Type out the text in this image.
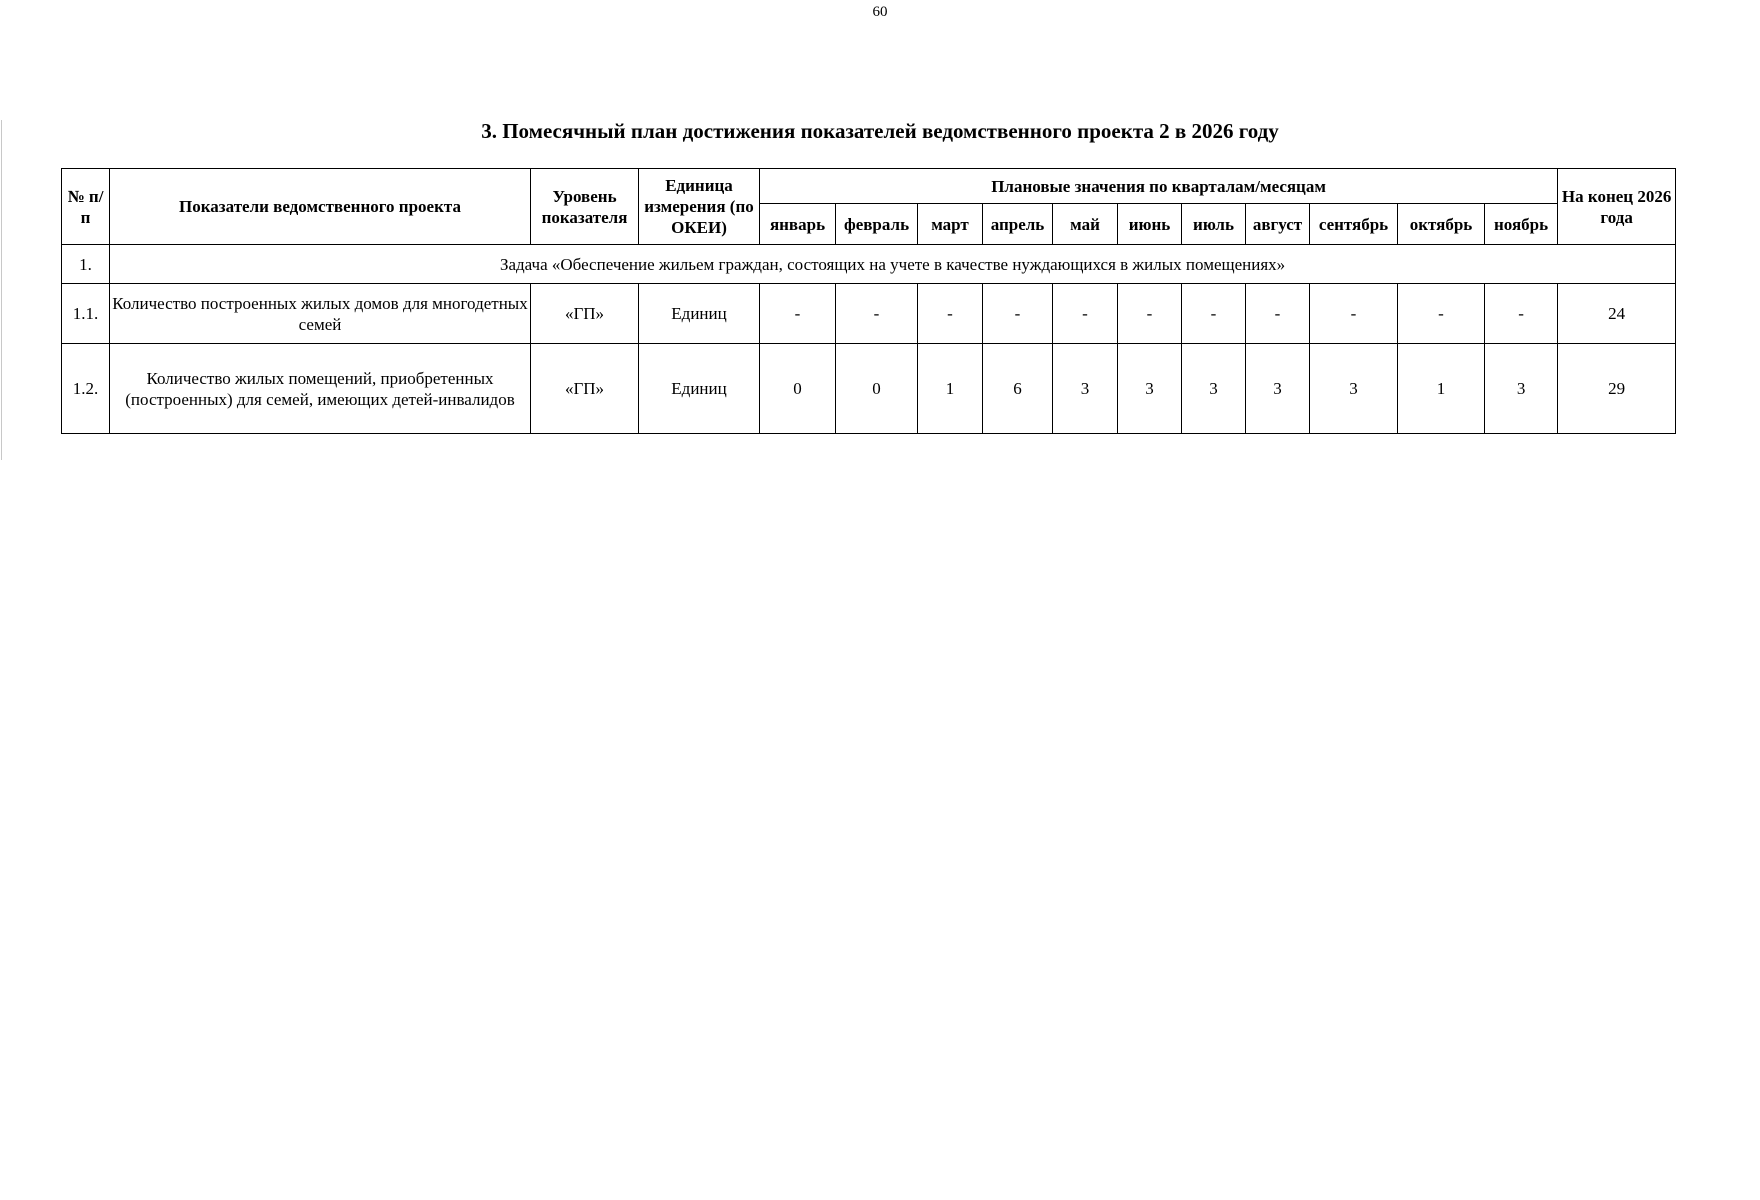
60
3. Помесячный план достижения показателей ведомственного проекта 2 в 2026 году
№ п/п	Показатели ведомственного проекта	Уровень показателя	Единица измерения (по ОКЕИ)	Плановые значения по кварталам/месяцам											На конец 2026 года
				январь	февраль	март	апрель	май	июнь	июль	август	сентябрь	октябрь	ноябрь	
1.	Задача «Обеспечение жильем граждан, состоящих на учете в качестве нуждающихся в жилых помещениях»														
1.1.	Количество построенных жилых домов для многодетных семей	«ГП»	Единиц	-	-	-	-	-	-	-	-	-	-	-	24
1.2.	Количество жилых помещений, приобретенных (построенных) для семей, имеющих детей-инвалидов	«ГП»	Единиц	0	0	1	6	3	3	3	3	3	1	3	29
